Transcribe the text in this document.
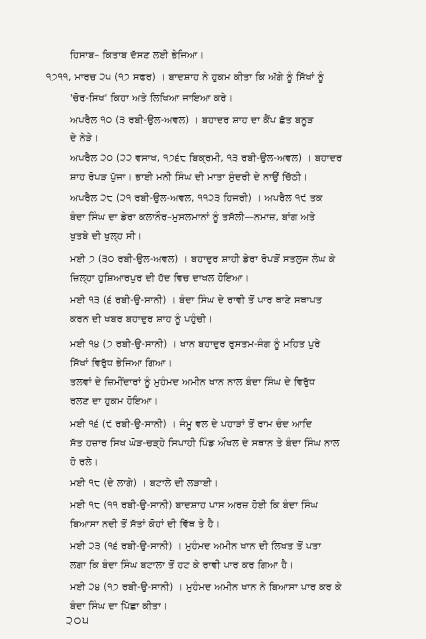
ਹਿਸਾਬ– ਕਿਤਾਬ ਦੱਸਣ ਲਈ ਭੇਜਿਆ।
੧੭੧੧, ਮਾਰਚ ੨੫ (੧੭ ਸਫਰ) । ਬਾਦਸ਼ਾਹ ਨੇ ਹੁਕਮ ਕੀਤਾ ਕਿ ਅੱਗੇ ਨੂੰ ਸਿੱਖਾਂ ਨੂੰ
'ਚੋਰ-ਸਿਖ' ਕਿਹਾ ਅਤੇ ਲਿਖਿਆ ਜਾਇਆ ਕਰੇ।
ਅਪਰੈਲ ੧੦ (੩ ਰਬੀ-ਉਲ-ਅਵਲ) । ਬਹਾਦਰ ਸ਼ਾਹ ਦਾ ਕੈਂਪ ਛੱਤ ਬਨੂੜ
ਦੇ ਨੇੜੇ।
ਅਪਰੈਲ ੨੦ (੨੨ ਵਸਾਖ, ੧੭੬੮ ਬਿਕ੍ਰਮੀ, ੧੩ ਰਬੀ-ਉਲ-ਅਵਲ) । ਬਹਾਦਰ
ਸ਼ਾਹ ਰੋਪੜ ਪੁੱਜਾ। ਭਾਈ ਮਨੀ ਸਿੰਘ ਦੀ ਮਾਤਾ ਸੁੰਦਰੀ ਦੇ ਨਾਉਂ ਚਿੱਠੀ।
ਅਪਰੈਲ ੨੮ (੨੧ ਰਬੀ-ਉਲ-ਅਵਲ, ੧੧੨੩ ਹਿਜਰੀ) । ਅਪਰੈਲ ੧੯ ਤਕ
ਬੰਦਾ ਸਿੰਘ ਦਾ ਡੇਰਾ ਕਲਾਨੌਰ–ਮੁਸਲਮਾਨਾਂ ਨੂੰ ਤਸੱਲੀ—ਨਮਾਜ਼, ਬਾਂਗ ਅਤੇ
ਖੁਤਬੇ ਦੀ ਖੁਲ੍ਹ ਸੀ।
ਮਈ ੭ (੩੦ ਰਬੀ-ਉਲ-ਅਵਲ) । ਬਹਾਦੁਰ ਸ਼ਾਹੀ ਡੇਰਾ ਰੋਪੜੋਂ ਸਤਲੁਜ ਲੰਘ ਕੇ
ਜ਼ਿਲ੍ਹਾ ਹੁਸ਼ਿਆਰਪੁਰ ਦੀ ਹੱਦ ਵਿਚ ਦਾਖਲ ਹੋਇਆ।
ਮਈ ੧੩ (੬ ਰਬੀ-ਉ-ਸਾਨੀ) । ਬੰਦਾ ਸਿੰਘ ਦੇ ਰਾਵੀ ਤੋਂ ਪਾਰ ਥਾਣੇ ਸਥਾਪਤ
ਕਰਨ ਦੀ ਖਬਰ ਬਹਾਦੁਰ ਸ਼ਾਹ ਨੂੰ ਪਹੁੰਚੀ।
ਮਈ ੧੪ (੭ ਰਬੀ-ਉ-ਸਾਨੀ) । ਖਾਨ ਬਹਾਦੁਰ ਰੁਸਤਮ-ਜੰਗ ਨੂੰ ਮਹਿਤ ਪੁਰੇ
ਸਿੱਖਾਂ ਵਿਰੁੱਧ ਭੇਜਿਆ ਗਿਆ।
ਤਲਵਾਂ ਦੇ ਜ਼ਿਮੀਂਦਾਰਾਂ ਨੂੰ ਮੁਹੰਮਦ ਅਮੀਨ ਖਾਨ ਨਾਲ ਬੰਦਾ ਸਿੰਘ ਦੇ ਵਿਰੁੱਧ
ਰਲਣ ਦਾ ਹੁਕਮ ਹੋਇਆ।
ਮਈ ੧੬ (੯ ਰਬੀ-ਉ-ਸਾਨੀ) । ਜੰਮੂ ਵਲ ਦੇ ਪਹਾੜਾਂ ਤੋਂ ਰਾਮ ਚੰਦ ਆਦਿ
ਸੱਤ ਹਜ਼ਾਰ ਸਿਖ ਘੋੜ-ਚੜ੍ਹੇ ਸਿਪਾਹੀ ਪਿੰਡ ਔਖਲ ਦੇ ਸਥਾਨ ਤੇ ਬੰਦਾ ਸਿੰਘ ਨਾਲ
ਹੋ ਰਲੇ।
ਮਈ ੧੮ (ਦੇ ਲਾਗੇ) । ਬਟਾਲੇ ਦੀ ਲੜਾਈ।
ਮਈ ੧੮ (੧੧ ਰਬੀ-ਉ-ਸਾਨੀ) ਬਾਦਸ਼ਾਹ ਪਾਸ ਅਰਜ਼ ਹੋਈ ਕਿ ਬੰਦਾ ਸਿੰਘ
ਬਿਆਸਾ ਨਦੀ ਤੋਂ ਸੱਤਾਂ ਕੋਹਾਂ ਦੀ ਵਿੱਥ ਤੇ ਹੈ।
ਮਈ ੨੩ (੧੬ ਰਬੀ-ਉ-ਸਾਨੀ) । ਮੁਹੰਮਦ ਅਮੀਨ ਖਾਨ ਦੀ ਲਿਖਤ ਤੋਂ ਪਤਾ
ਲਗਾ ਕਿ ਬੰਦਾ ਸਿੰਘ ਬਟਾਲਾ ਤੋਂ ਹਟ ਕੇ ਰਾਵੀ ਪਾਰ ਕਰ ਗਿਆ ਹੈ।
ਮਈ ੨੪ (੧੭ ਰਬੀ-ਉ-ਸਾਨੀ) । ਮੁਹੰਮਦ ਅਮੀਨ ਖਾਨ ਨੇ ਬਿਆਸਾ ਪਾਰ ਕਰ ਕੇ
ਬੰਦਾ ਸਿੰਘ ਦਾ ਪਿੱਛਾ ਕੀਤਾ।
੨੦੫
